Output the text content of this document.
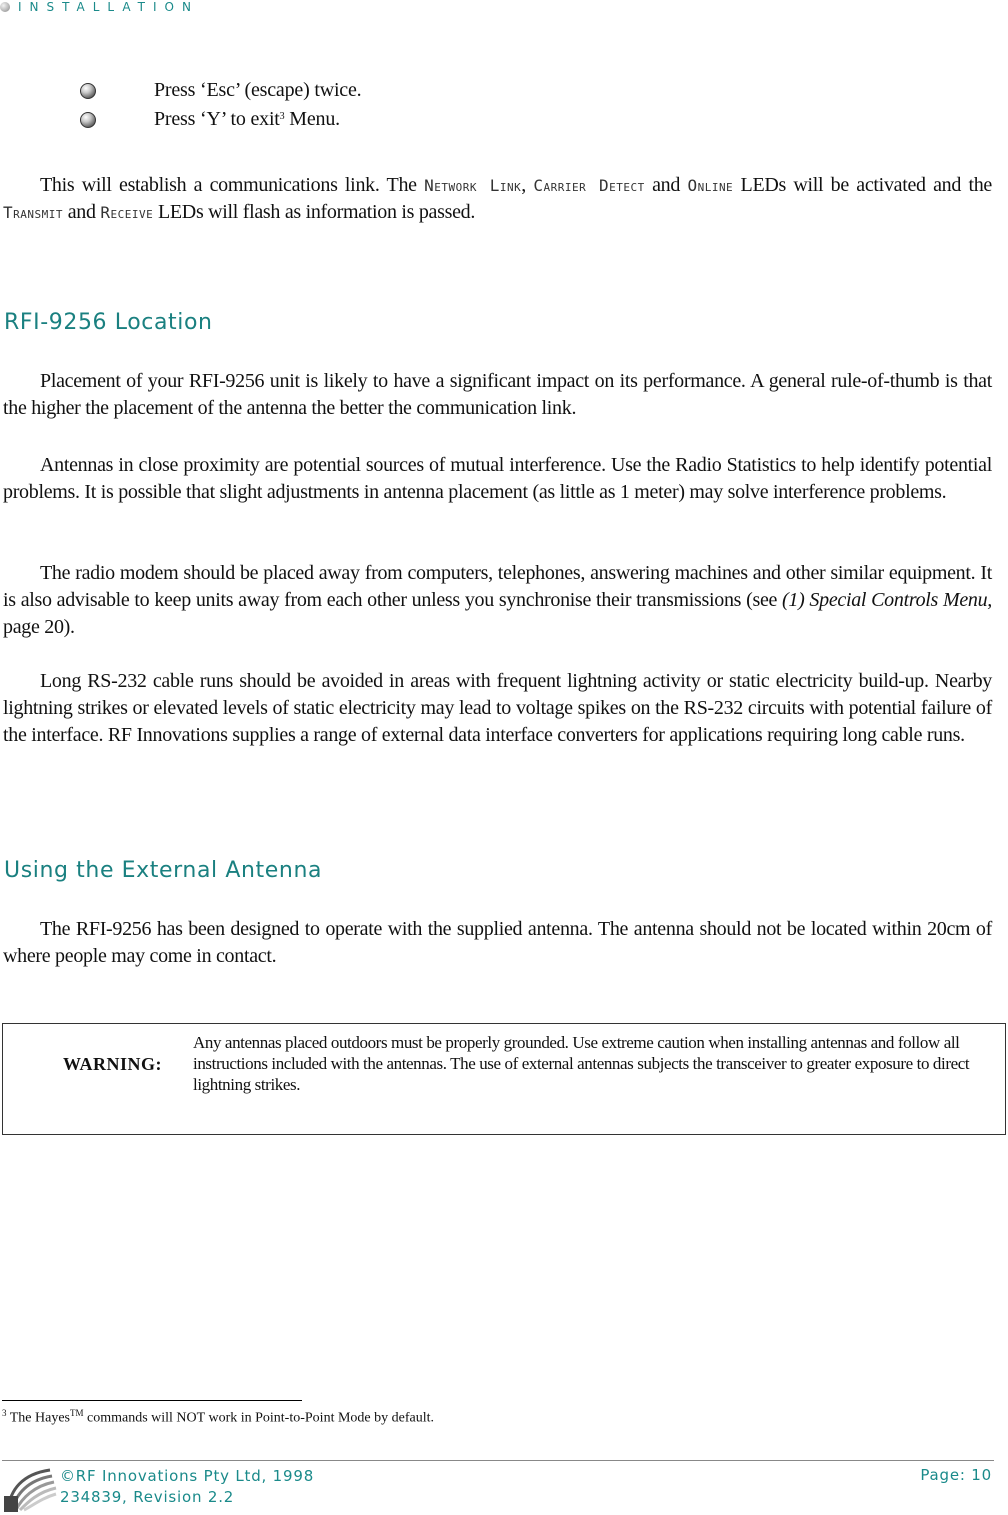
INSTALLATION
Press ‘Esc’ (escape) twice.
Press ‘Y’ to exit$^3$ Menu.

This will establish a communications link. The Network Link, Carrier Detect and Online LEDs will be activated and the Transmit and Receive LEDs will flash as information is passed.

RFI-9256 Location

Placement of your RFI-9256 unit is likely to have a significant impact on its performance. A general rule-of-thumb is that the higher the placement of the antenna the better the communication link.

Antennas in close proximity are potential sources of mutual interference. Use the Radio Statistics to help identify potential problems. It is possible that slight adjustments in antenna placement (as little as 1 meter) may solve interference problems.

The radio modem should be placed away from computers, telephones, answering machines and other similar equipment. It is also advisable to keep units away from each other unless you synchronise their transmissions (see (1) Special Controls Menu, page 20).

Long RS-232 cable runs should be avoided in areas with frequent lightning activity or static electricity build-up. Nearby lightning strikes or elevated levels of static electricity may lead to voltage spikes on the RS-232 circuits with potential failure of the interface. RF Innovations supplies a range of external data interface converters for applications requiring long cable runs.

Using the External Antenna

The RFI-9256 has been designed to operate with the supplied antenna. The antenna should not be located within 20cm of where people may come in contact.

WARNING:
Any antennas placed outdoors must be properly grounded. Use extreme caution when installing antennas and follow all instructions included with the antennas. The use of external antennas subjects the transceiver to greater exposure to direct lightning strikes.
$^3$ The Hayes™ commands will NOT work in Point-to-Point Mode by default.
©RF Innovations Pty Ltd, 1998
234839, Revision 2.2
Page: 10
